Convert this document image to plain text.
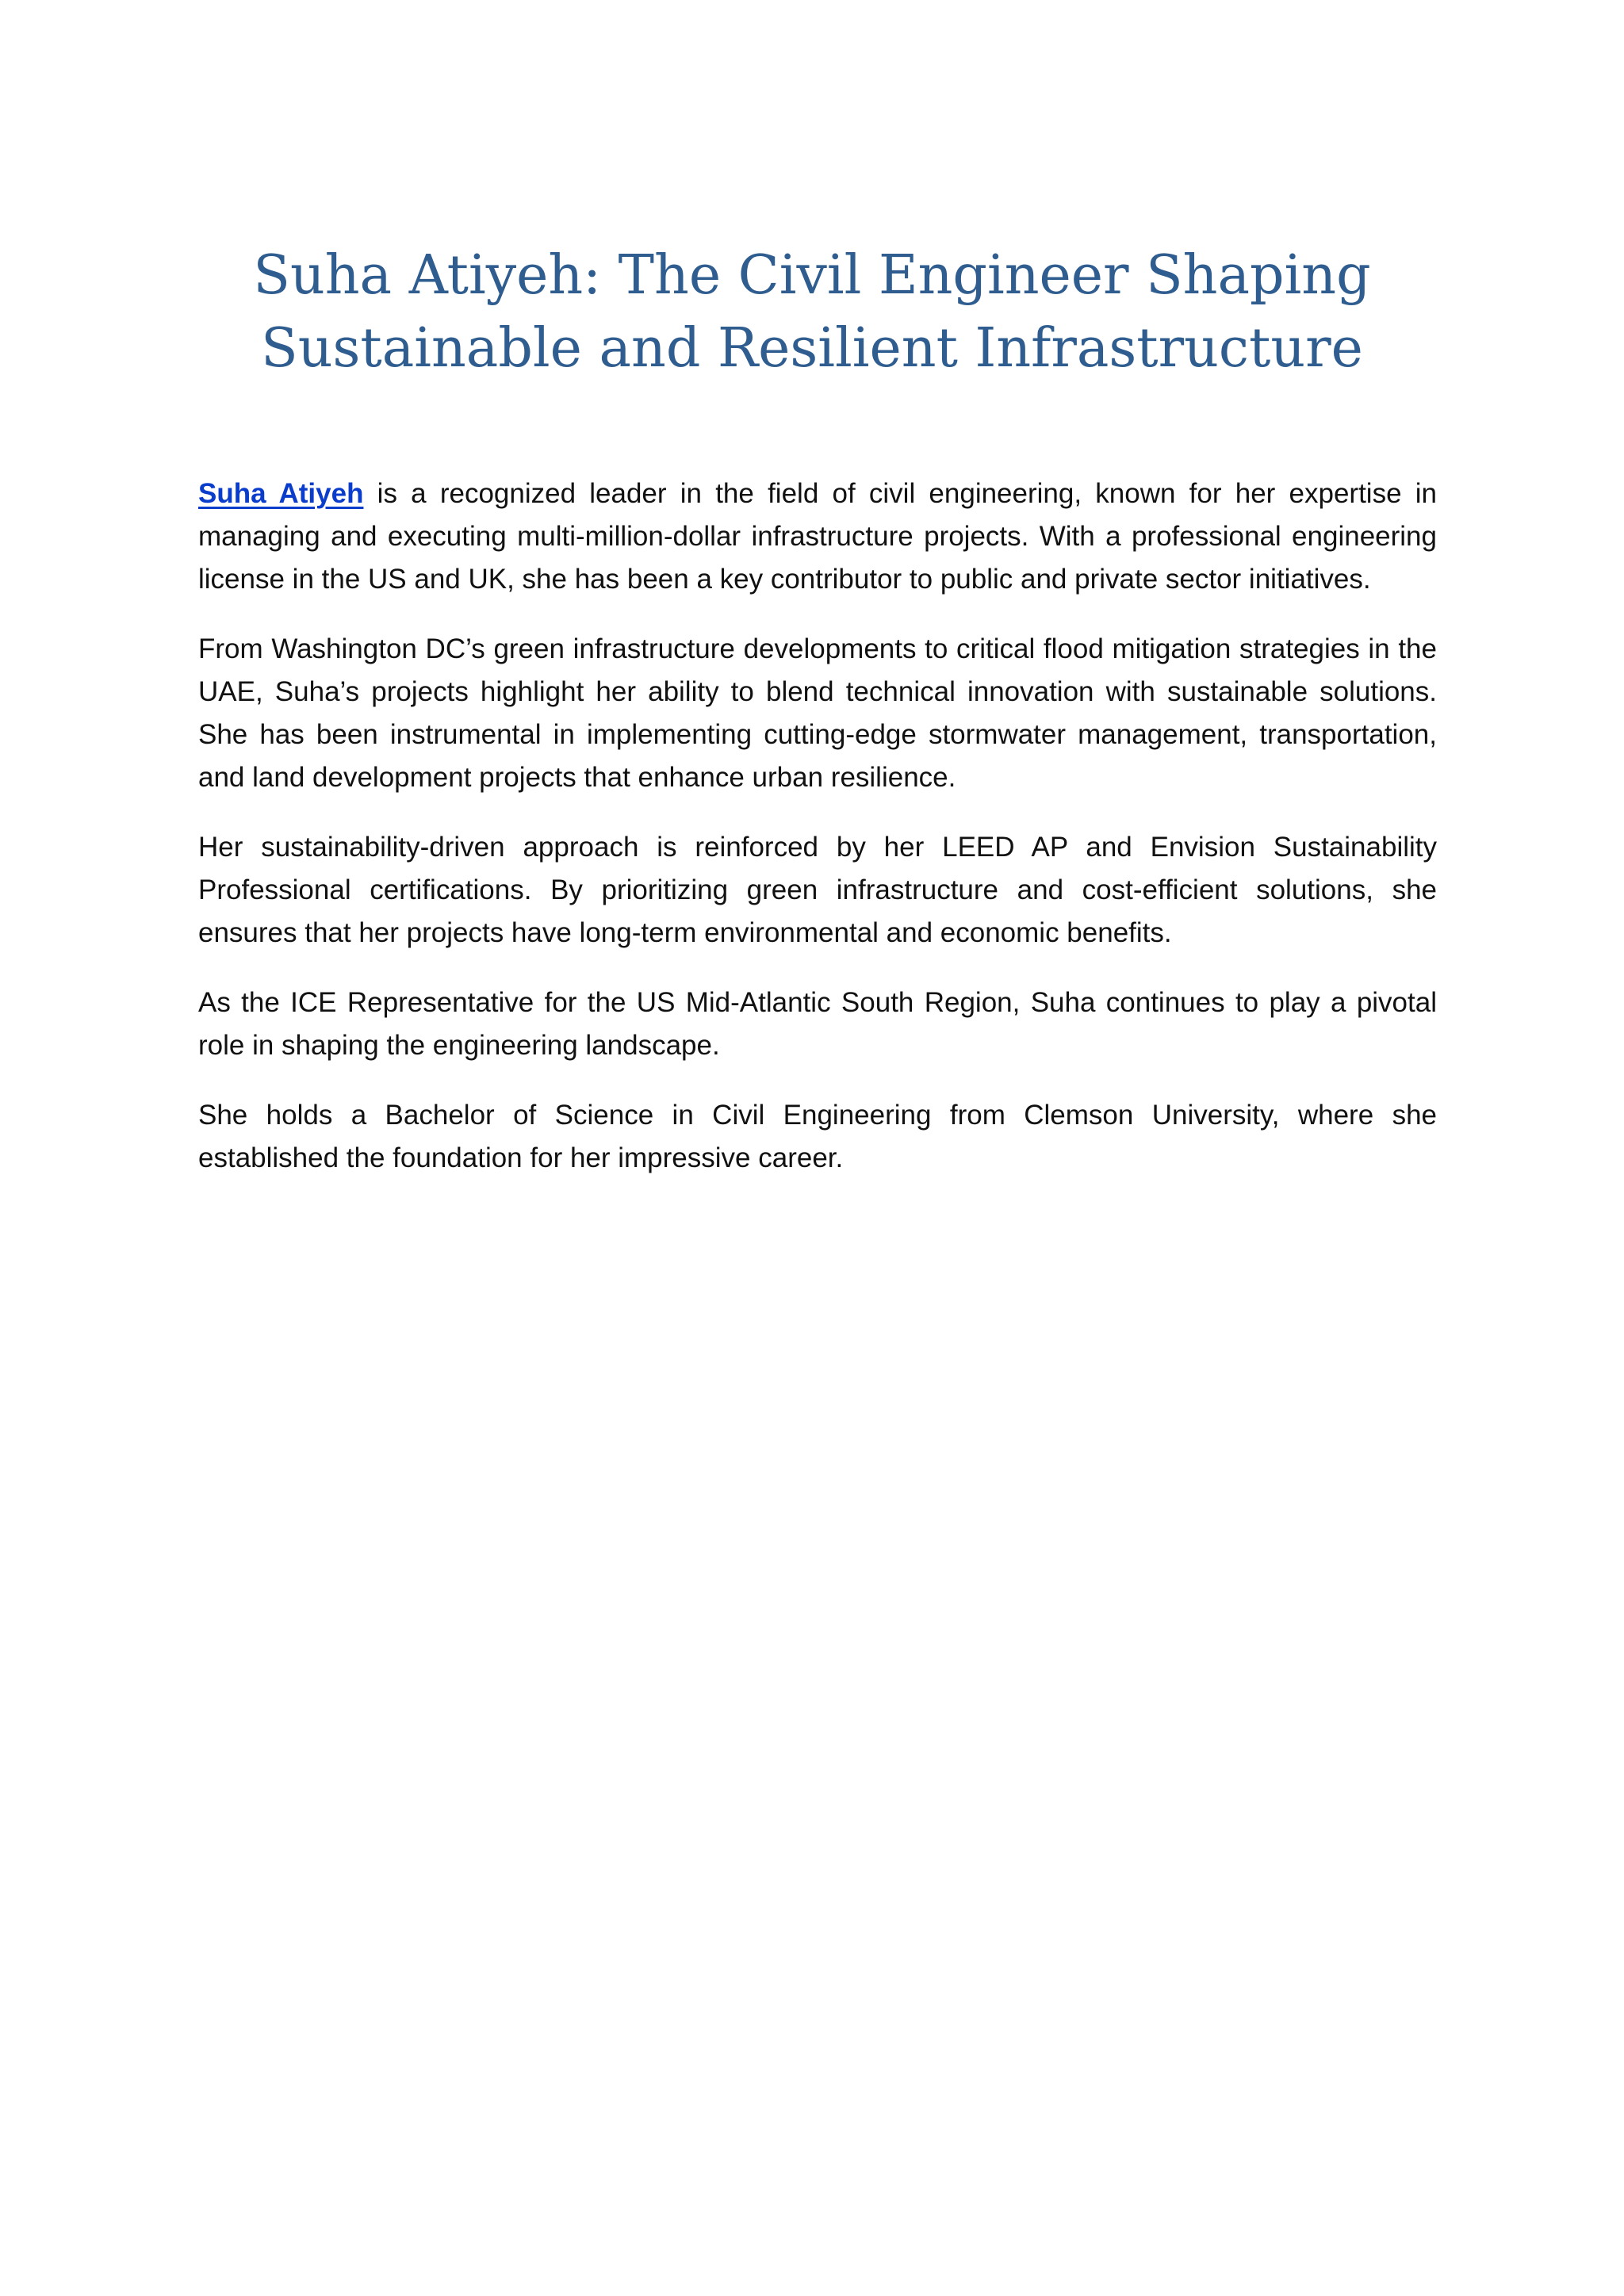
Suha Atiyeh: The Civil Engineer Shaping Sustainable and Resilient Infrastructure

Suha Atiyeh is a recognized leader in the field of civil engineering, known for her expertise in managing and executing multi-million-dollar infrastructure projects. With a professional engineering license in the US and UK, she has been a key contributor to public and private sector initiatives.

From Washington DC’s green infrastructure developments to critical flood mitigation strategies in the UAE, Suha’s projects highlight her ability to blend technical innovation with sustainable solutions. She has been instrumental in implementing cutting-edge stormwater management, transportation, and land development projects that enhance urban resilience.

Her sustainability-driven approach is reinforced by her LEED AP and Envision Sustainability Professional certifications. By prioritizing green infrastructure and cost-efficient solutions, she ensures that her projects have long-term environmental and economic benefits.

As the ICE Representative for the US Mid-Atlantic South Region, Suha continues to play a pivotal role in shaping the engineering landscape.

She holds a Bachelor of Science in Civil Engineering from Clemson University, where she established the foundation for her impressive career.
